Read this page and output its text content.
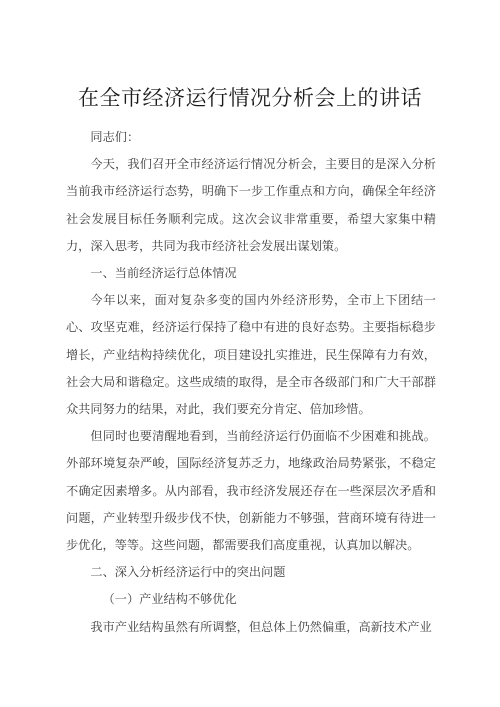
在全市经济运行情况分析会上的讲话

同志们：

今天，我们召开全市经济运行情况分析会，主要目的是深入分析当前我市经济运行态势，明确下一步工作重点和方向，确保全年经济社会发展目标任务顺利完成。这次会议非常重要，希望大家集中精力，深入思考，共同为我市经济社会发展出谋划策。

一、当前经济运行总体情况

今年以来，面对复杂多变的国内外经济形势，全市上下团结一心、攻坚克难，经济运行保持了稳中有进的良好态势。主要指标稳步增长，产业结构持续优化，项目建设扎实推进，民生保障有力有效，社会大局和谐稳定。这些成绩的取得，是全市各级部门和广大干部群众共同努力的结果，对此，我们要充分肯定、倍加珍惜。

但同时也要清醒地看到，当前经济运行仍面临不少困难和挑战。外部环境复杂严峻，国际经济复苏乏力，地缘政治局势紧张，不稳定不确定因素增多。从内部看，我市经济发展还存在一些深层次矛盾和问题，产业转型升级步伐不快，创新能力不够强，营商环境有待进一步优化，等等。这些问题，都需要我们高度重视，认真加以解决。

二、深入分析经济运行中的突出问题

（一）产业结构不够优化

我市产业结构虽然有所调整，但总体上仍然偏重，高新技术产业
